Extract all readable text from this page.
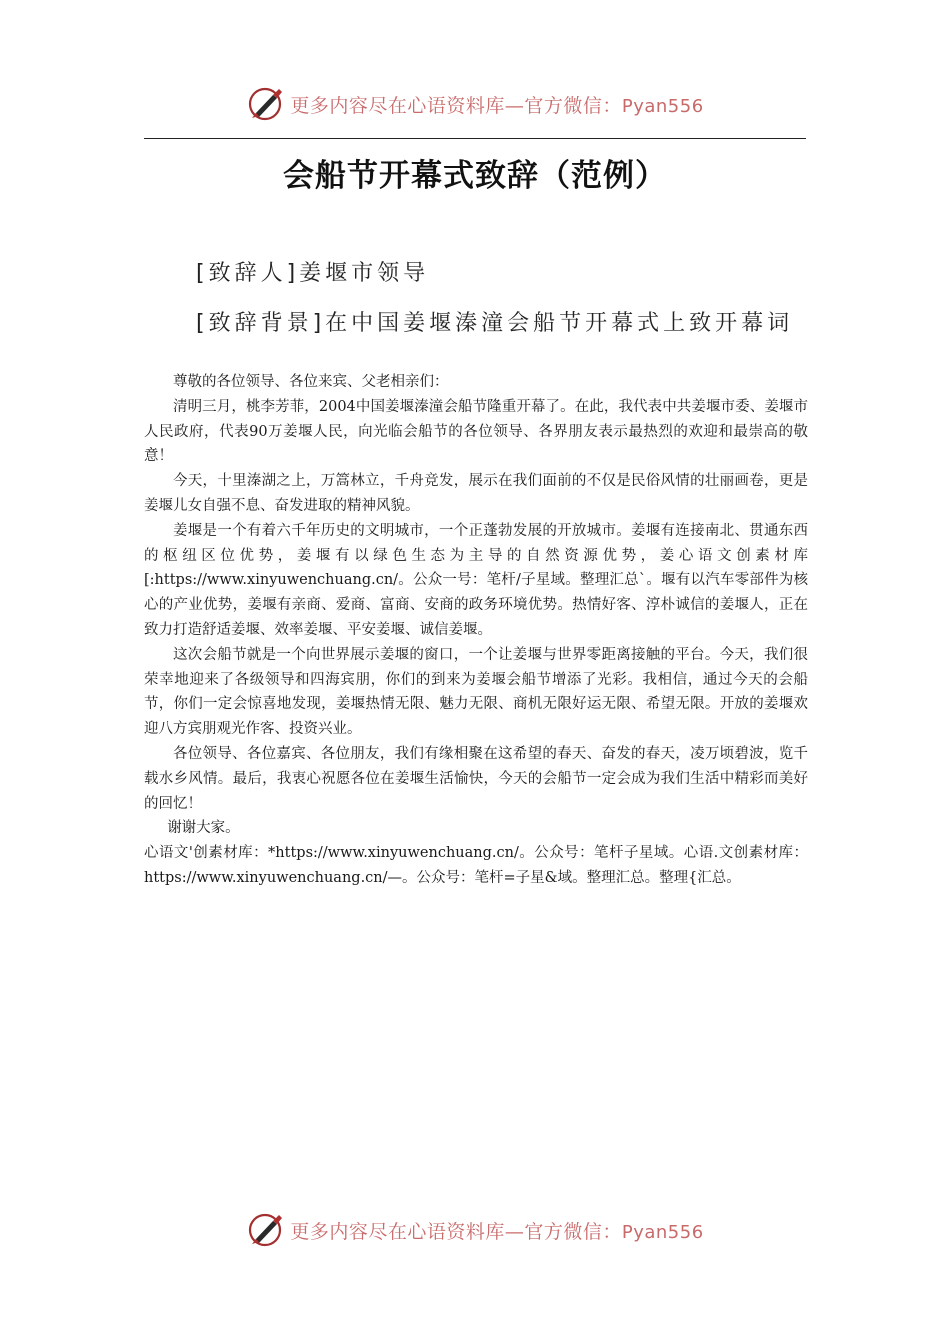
更多内容尽在心语资料库—官方微信：Pyan556
会船节开幕式致辞（范例）
[致辞人]姜堰市领导
[致辞背景]在中国姜堰溱潼会船节开幕式上致开幕词

尊敬的各位领导、各位来宾、父老相亲们：

清明三月，桃李芳菲，2004中国姜堰溱潼会船节隆重开幕了。在此，我代表中共姜堰市委、姜堰市人民政府，代表90万姜堰人民，向光临会船节的各位领导、各界朋友表示最热烈的欢迎和最崇高的敬意！

今天，十里溱湖之上，万篙林立，千舟竞发，展示在我们面前的不仅是民俗风情的壮丽画卷，更是姜堰儿女自强不息、奋发进取的精神风貌。

姜堰是一个有着六千年历史的文明城市，一个正蓬勃发展的开放城市。姜堰有连接南北、贯通东西的枢纽区位优势，姜堰有以绿色生态为主导的自然资源优势，姜心语文创素材库[:https://www.xinyuwenchuang.cn/。公众一号：笔杆/子星域。整理汇总`。堰有以汽车零部件为核心的产业优势，姜堰有亲商、爱商、富商、安商的政务环境优势。热情好客、淳朴诚信的姜堰人，正在致力打造舒适姜堰、效率姜堰、平安姜堰、诚信姜堰。

这次会船节就是一个向世界展示姜堰的窗口，一个让姜堰与世界零距离接触的平台。今天，我们很荣幸地迎来了各级领导和四海宾朋，你们的到来为姜堰会船节增添了光彩。我相信，通过今天的会船节，你们一定会惊喜地发现，姜堰热情无限、魅力无限、商机无限好运无限、希望无限。开放的姜堰欢迎八方宾朋观光作客、投资兴业。

各位领导、各位嘉宾、各位朋友，我们有缘相聚在这希望的春天、奋发的春天，凌万顷碧波，览千载水乡风情。最后，我衷心祝愿各位在姜堰生活愉快，今天的会船节一定会成为我们生活中精彩而美好的回忆！

谢谢大家。

心语文'创素材库：*https://www.xinyuwenchuang.cn/。公众号：笔杆子星域。心语.文创素材库：https://www.xinyuwenchuang.cn/—。公众号：笔杆=子星&域。整理汇总。整理{汇总。

更多内容尽在心语资料库—官方微信：Pyan556
